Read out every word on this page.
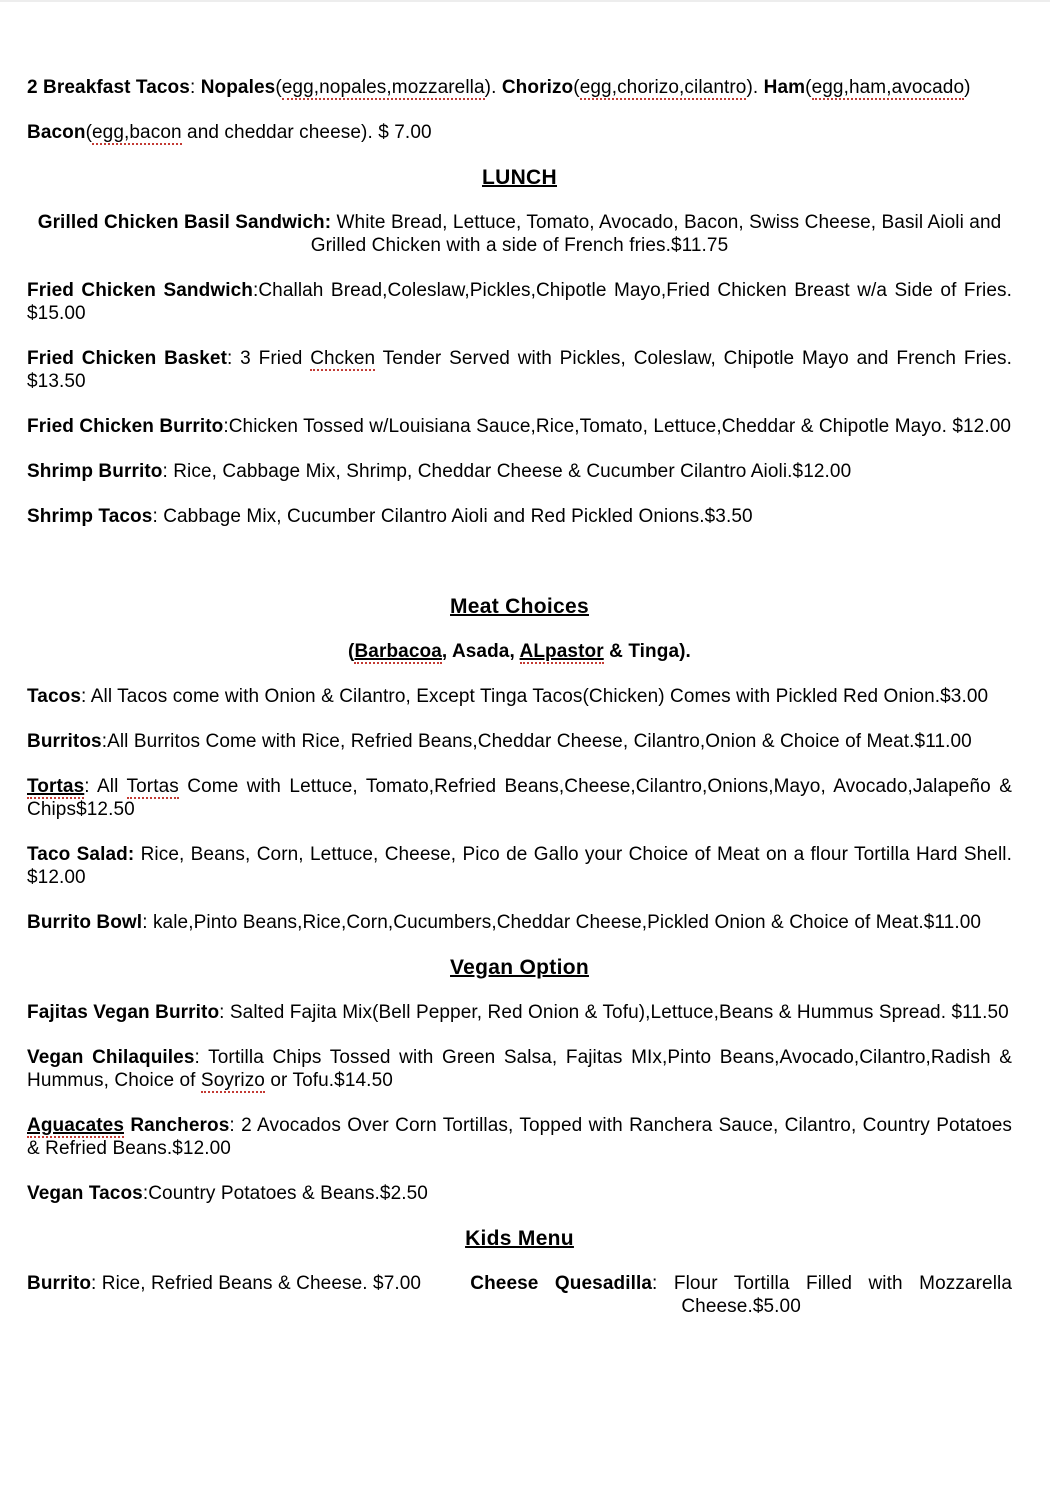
2 Breakfast Tacos: Nopales(egg,nopales,mozzarella). Chorizo(egg,chorizo,cilantro). Ham(egg,ham,avocado)

Bacon(egg,bacon and cheddar cheese). $ 7.00

LUNCH

Grilled Chicken Basil Sandwich: White Bread, Lettuce, Tomato, Avocado, Bacon, Swiss Cheese, Basil Aioli and Grilled Chicken with a side of French fries.$11.75

Fried Chicken Sandwich:Challah Bread,Coleslaw,Pickles,Chipotle Mayo,Fried Chicken Breast w/a Side of Fries. $15.00

Fried Chicken Basket: 3 Fried Chcken Tender Served with Pickles, Coleslaw, Chipotle Mayo and French Fries. $13.50

Fried Chicken Burrito:Chicken Tossed w/Louisiana Sauce,Rice,Tomato, Lettuce,Cheddar & Chipotle Mayo. $12.00

Shrimp Burrito: Rice, Cabbage Mix, Shrimp, Cheddar Cheese & Cucumber Cilantro Aioli.$12.00

Shrimp Tacos: Cabbage Mix, Cucumber Cilantro Aioli and Red Pickled Onions.$3.50

Meat Choices

(Barbacoa, Asada, ALpastor & Tinga).

Tacos: All Tacos come with Onion & Cilantro, Except Tinga Tacos(Chicken) Comes with Pickled Red Onion.$3.00

Burritos:All Burritos Come with Rice, Refried Beans,Cheddar Cheese, Cilantro,Onion & Choice of Meat.$11.00

Tortas: All Tortas Come with Lettuce, Tomato,Refried Beans,Cheese,Cilantro,Onions,Mayo, Avocado,Jalapeño & Chips$12.50

Taco Salad: Rice, Beans, Corn, Lettuce, Cheese, Pico de Gallo your Choice of Meat on a flour Tortilla Hard Shell. $12.00

Burrito Bowl: kale,Pinto Beans,Rice,Corn,Cucumbers,Cheddar Cheese,Pickled Onion & Choice of Meat.$11.00

Vegan Option

Fajitas Vegan Burrito: Salted Fajita Mix(Bell Pepper, Red Onion & Tofu),Lettuce,Beans & Hummus Spread. $11.50

Vegan Chilaquiles: Tortilla Chips Tossed with Green Salsa, Fajitas MIx,Pinto Beans,Avocado,Cilantro,Radish & Hummus, Choice of Soyrizo or Tofu.$14.50

Aguacates Rancheros: 2 Avocados Over Corn Tortillas, Topped with Ranchera Sauce, Cilantro, Country Potatoes & Refried Beans.$12.00

Vegan Tacos:Country Potatoes & Beans.$2.50

Kids Menu

Burrito: Rice, Refried Beans & Cheese. $7.00	Cheese Quesadilla: Flour Tortilla Filled with Mozzarella Cheese.$5.00
